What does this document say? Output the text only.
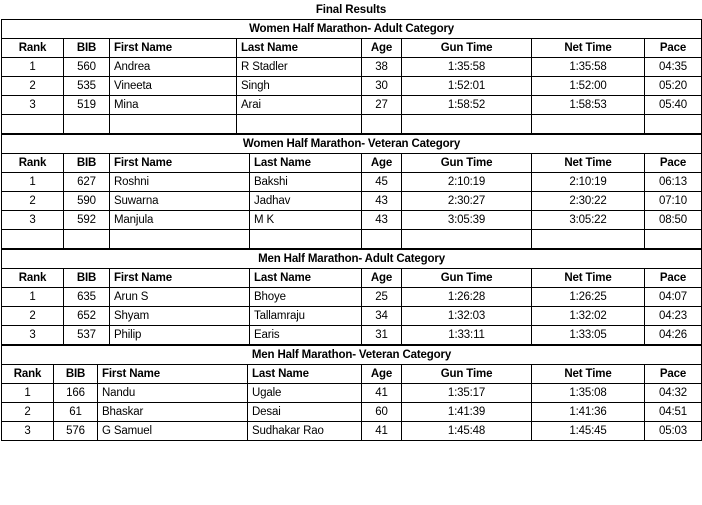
Final Results
Women Half Marathon- Adult Category							
Rank	BIB	First Name	Last Name	Age	Gun Time	Net Time	Pace
1	560	Andrea	R Stadler	38	1:35:58	1:35:58	04:35
2	535	Vineeta	Singh	30	1:52:01	1:52:00	05:20
3	519	Mina	Arai	27	1:58:52	1:58:53	05:40

Women Half Marathon- Veteran Category							
Rank	BIB	First Name	Last Name	Age	Gun Time	Net Time	Pace
1	627	Roshni	Bakshi	45	2:10:19	2:10:19	06:13
2	590	Suwarna	Jadhav	43	2:30:27	2:30:22	07:10
3	592	Manjula	M K	43	3:05:39	3:05:22	08:50

Men Half Marathon- Adult Category							
Rank	BIB	First Name	Last Name	Age	Gun Time	Net Time	Pace
1	635	Arun S	Bhoye	25	1:26:28	1:26:25	04:07
2	652	Shyam	Tallamraju	34	1:32:03	1:32:02	04:23
3	537	Philip	Earis	31	1:33:11	1:33:05	04:26
Men Half Marathon- Veteran Category							
Rank	BIB	First Name	Last Name	Age	Gun Time	Net Time	Pace
1	166	Nandu	Ugale	41	1:35:17	1:35:08	04:32
2	61	Bhaskar	Desai	60	1:41:39	1:41:36	04:51
3	576	G Samuel	Sudhakar Rao	41	1:45:48	1:45:45	05:03
